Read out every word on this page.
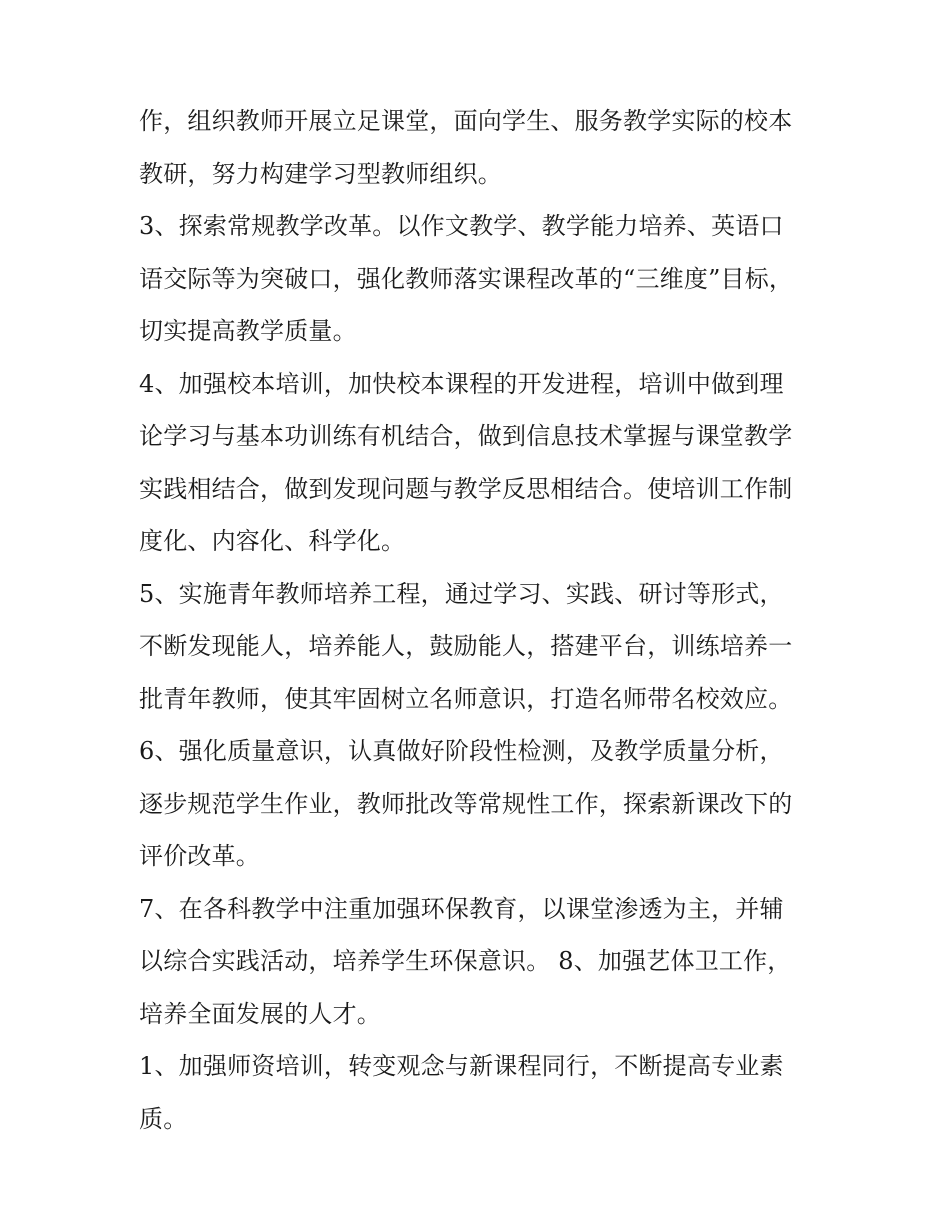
作，组织教师开展立足课堂，面向学生、服务教学实际的校本
教研，努力构建学习型教师组织。
3、探索常规教学改革。以作文教学、教学能力培养、英语口
语交际等为突破口，强化教师落实课程改革的“三维度”目标，
切实提高教学质量。
4、加强校本培训，加快校本课程的开发进程，培训中做到理
论学习与基本功训练有机结合，做到信息技术掌握与课堂教学
实践相结合，做到发现问题与教学反思相结合。使培训工作制
度化、内容化、科学化。
5、实施青年教师培养工程，通过学习、实践、研讨等形式，
不断发现能人，培养能人，鼓励能人，搭建平台，训练培养一
批青年教师，使其牢固树立名师意识，打造名师带名校效应。
6、强化质量意识，认真做好阶段性检测，及教学质量分析，
逐步规范学生作业，教师批改等常规性工作，探索新课改下的
评价改革。
7、在各科教学中注重加强环保教育，以课堂渗透为主，并辅
以综合实践活动，培养学生环保意识。 8、加强艺体卫工作，
培养全面发展的人才。
1、加强师资培训，转变观念与新课程同行，不断提高专业素
质。
